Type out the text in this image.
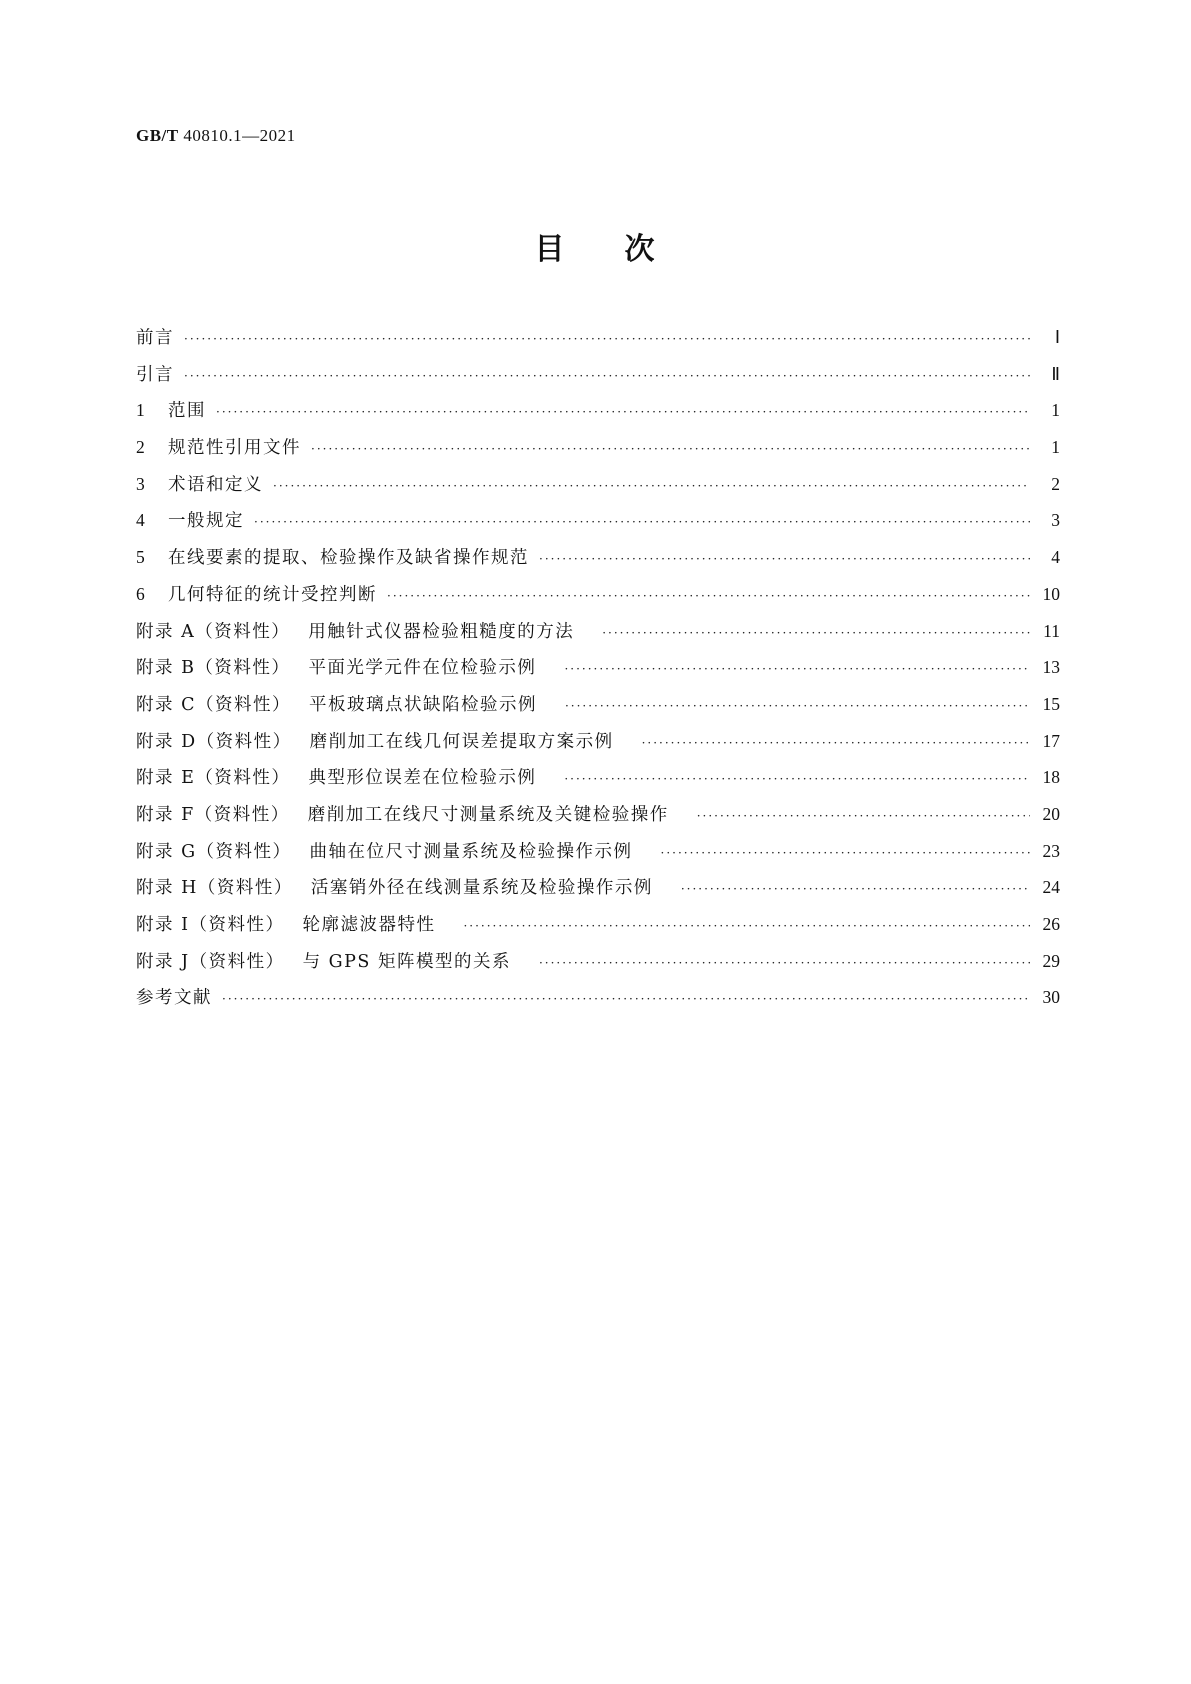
GB/T 40810.1—2021
目 次
前言 ·····	Ⅰ
引言 ·····	Ⅱ
1	范围 ·····	1
2	规范性引用文件 ·····	1
3	术语和定义 ·····	2
4	一般规定 ·····	3
5	在线要素的提取、检验操作及缺省操作规范 ·····	4
6	几何特征的统计受控判断 ·····	10
附录 A（资料性） 用触针式仪器检验粗糙度的方法 ·····	11
附录 B（资料性） 平面光学元件在位检验示例 ·····	13
附录 C（资料性） 平板玻璃点状缺陷检验示例 ·····	15
附录 D（资料性） 磨削加工在线几何误差提取方案示例 ·····	17
附录 E（资料性） 典型形位误差在位检验示例 ·····	18
附录 F（资料性） 磨削加工在线尺寸测量系统及关键检验操作 ·····	20
附录 G（资料性） 曲轴在位尺寸测量系统及检验操作示例 ·····	23
附录 H（资料性） 活塞销外径在线测量系统及检验操作示例 ·····	24
附录 I（资料性） 轮廓滤波器特性 ·····	26
附录 J（资料性） 与 GPS 矩阵模型的关系 ·····	29
参考文献 ·····	30
